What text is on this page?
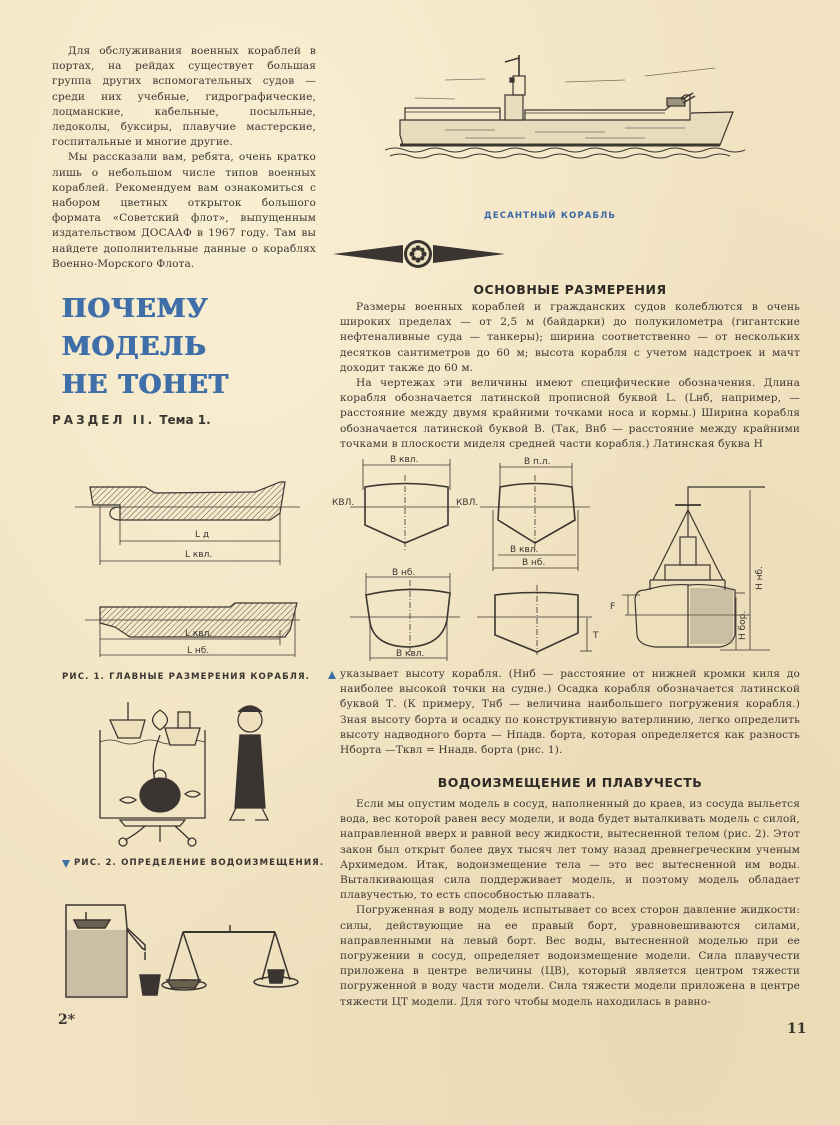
Для обслуживания военных кораблей в портах, на рейдах существует большая группа других вспомогательных судов — среди них учебные, гидрографические, лоцманские, кабельные, посыльные, ледоколы, буксиры, плавучие мастерские, госпитальные и многие другие.

Мы рассказали вам, ребята, очень кратко лишь о небольшом числе типов военных кораблей. Рекомендуем вам ознакомиться с набором цветных открыток большого формата «Советский флот», выпущенным издательством ДОСААФ в 1967 году. Там вы найдете дополнительные данные о кораблях Военно-Морского Флота.

ДЕСАНТНЫЙ КОРАБЛЬ
ПОЧЕМУ
МОДЕЛЬ
НЕ ТОНЕТ
РАЗДЕЛ II. Тема 1.
ОСНОВНЫЕ РАЗМЕРЕНИЯ

Размеры военных кораблей и гражданских судов колеблются в очень широких пределах — от 2,5 м (байдарки) до полукилометра (гигантские нефтеналивные суда — танкеры); ширина соответственно — от нескольких десятков сантиметров до 60 м; высота корабля с учетом надстроек и мачт доходит также до 60 м.

На чертежах эти величины имеют специфические обозначения. Длина корабля обозначается латинской прописной буквой L. (Lнб, например, — расстояние между двумя крайними точками носа и кормы.) Ширина корабля обозначается латинской буквой В. (Так, Внб — расстояние между крайними точками в плоскости миделя средней части корабля.) Латинская буква Н

L д
L квл.
L квл.
L нб.
РИС. 1. ГЛАВНЫЕ РАЗМЕРЕНИЯ КОРАБЛЯ.
В квл.
КВЛ.
В п.л.
КВЛ.
В квл.
В нб.
В нб.
В квл.
Т
F
Н нб.
Н бор.

указывает высоту корабля. (Ннб — расстояние от нижней кромки киля до наиболее высокой точки на судне.) Осадка корабля обозначается латинской буквой Т. (К примеру, Тнб — величина наибольшего погружения корабля.) Зная высоту борта и осадку по конструктивную ватерлинию, легко определить высоту надводного борта — Нпадв. борта, которая определяется как разность Нборта —Тквл = Ннадв. борта (рис. 1).

ВОДОИЗМЕЩЕНИЕ И ПЛАВУЧЕСТЬ

Если мы опустим модель в сосуд, наполненный до краев, из сосуда выльется вода, вес которой равен весу модели, и вода будет выталкивать модель с силой, направленной вверх и равной весу жидкости, вытесненной телом (рис. 2). Этот закон был открыт более двух тысяч лет тому назад древнегреческим ученым Архимедом. Итак, водоизмещение тела — это вес вытесненной им воды. Выталкивающая сила поддерживает модель, и поэтому модель обладает плавучестью, то есть способностью плавать.

Погруженная в воду модель испытывает со всех сторон давление жидкости: силы, действующие на ее правый борт, уравновешиваются силами, направленными на левый борт. Вес воды, вытесненной моделью при ее погружении в сосуд, определяет водоизмещение модели. Сила плавучести приложена в центре величины (ЦВ), который является центром тяжести погруженной в воду части модели. Сила тяжести модели приложена в центре тяжести ЦТ модели. Для того чтобы модель находилась в равно-

РИС. 2. ОПРЕДЕЛЕНИЕ ВОДОИЗМЕЩЕНИЯ.
2*
11
